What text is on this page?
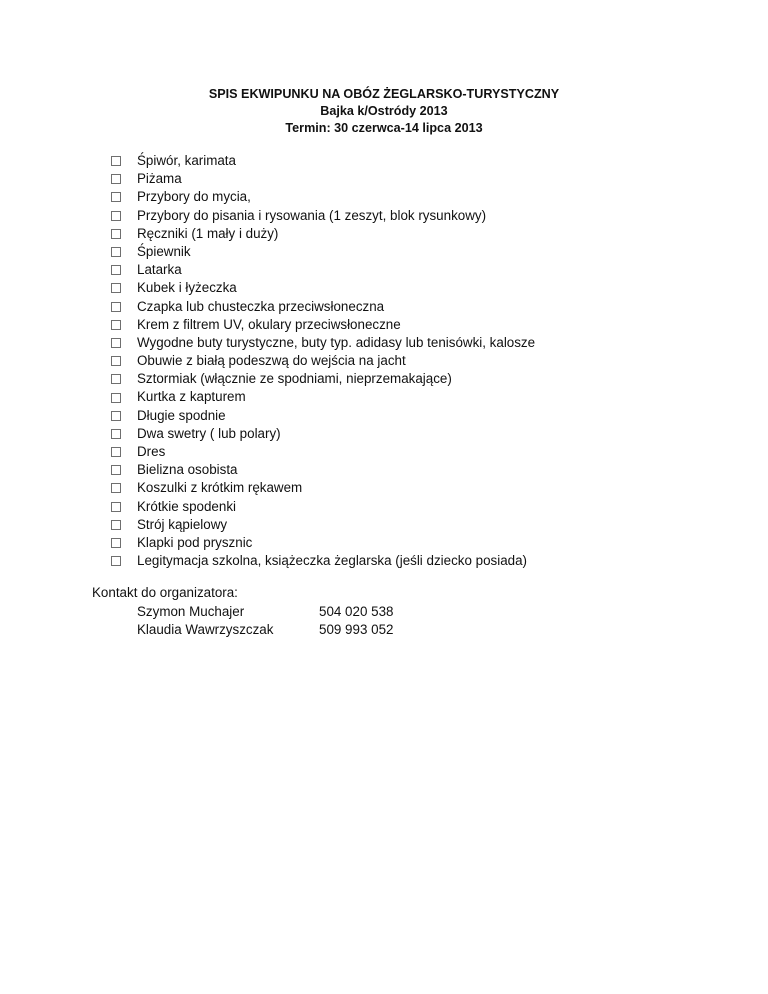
SPIS EKWIPUNKU NA OBÓZ ŻEGLARSKO-TURYSTYCZNY
Bajka k/Ostródy 2013
Termin: 30 czerwca-14 lipca 2013
Śpiwór, karimata
Piżama
Przybory do mycia,
Przybory do pisania i rysowania (1 zeszyt, blok rysunkowy)
Ręczniki (1 mały i duży)
Śpiewnik
Latarka
Kubek i łyżeczka
Czapka lub chusteczka przeciwsłoneczna
Krem z filtrem UV, okulary przeciwsłoneczne
Wygodne buty turystyczne, buty typ. adidasy lub tenisówki, kalosze
Obuwie z białą podeszwą do wejścia na jacht
Sztormiak (włącznie ze spodniami, nieprzemakające)
Kurtka z kapturem
Długie spodnie
Dwa swetry ( lub polary)
Dres
Bielizna osobista
Koszulki z krótkim rękawem
Krótkie spodenki
Strój kąpielowy
Klapki pod prysznic
Legitymacja szkolna, książeczka żeglarska (jeśli dziecko posiada)
Kontakt do organizatora:
Szymon Muchajer	504 020 538
Klaudia Wawrzyszczak	509 993 052
